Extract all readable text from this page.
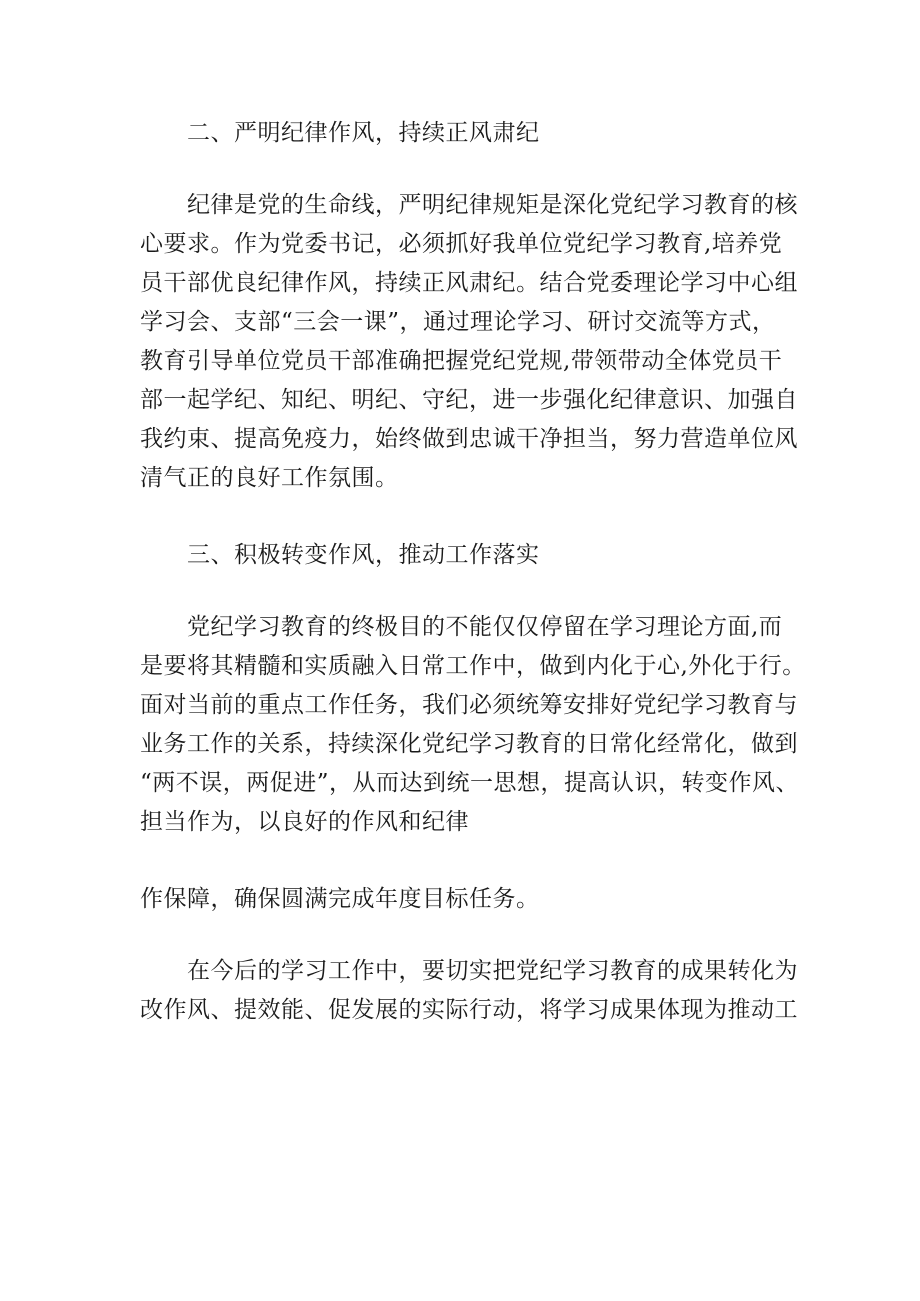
二、严明纪律作风，持续正风肃纪
纪律是党的生命线，严明纪律规矩是深化党纪学习教育的核
心要求。作为党委书记，必须抓好我单位党纪学习教育,培养党
员干部优良纪律作风，持续正风肃纪。结合党委理论学习中心组
学习会、支部“三会一课”，通过理论学习、研讨交流等方式，
教育引导单位党员干部准确把握党纪党规,带领带动全体党员干
部一起学纪、知纪、明纪、守纪，进一步强化纪律意识、加强自
我约束、提高免疫力，始终做到忠诚干净担当，努力营造单位风
清气正的良好工作氛围。
三、积极转变作风，推动工作落实
党纪学习教育的终极目的不能仅仅停留在学习理论方面,而
是要将其精髓和实质融入日常工作中，做到内化于心,外化于行。
面对当前的重点工作任务，我们必须统筹安排好党纪学习教育与
业务工作的关系，持续深化党纪学习教育的日常化经常化，做到
“两不误，两促进”，从而达到统一思想，提高认识，转变作风、
担当作为，以良好的作风和纪律
作保障，确保圆满完成年度目标任务。
在今后的学习工作中，要切实把党纪学习教育的成果转化为
改作风、提效能、促发展的实际行动，将学习成果体现为推动工
